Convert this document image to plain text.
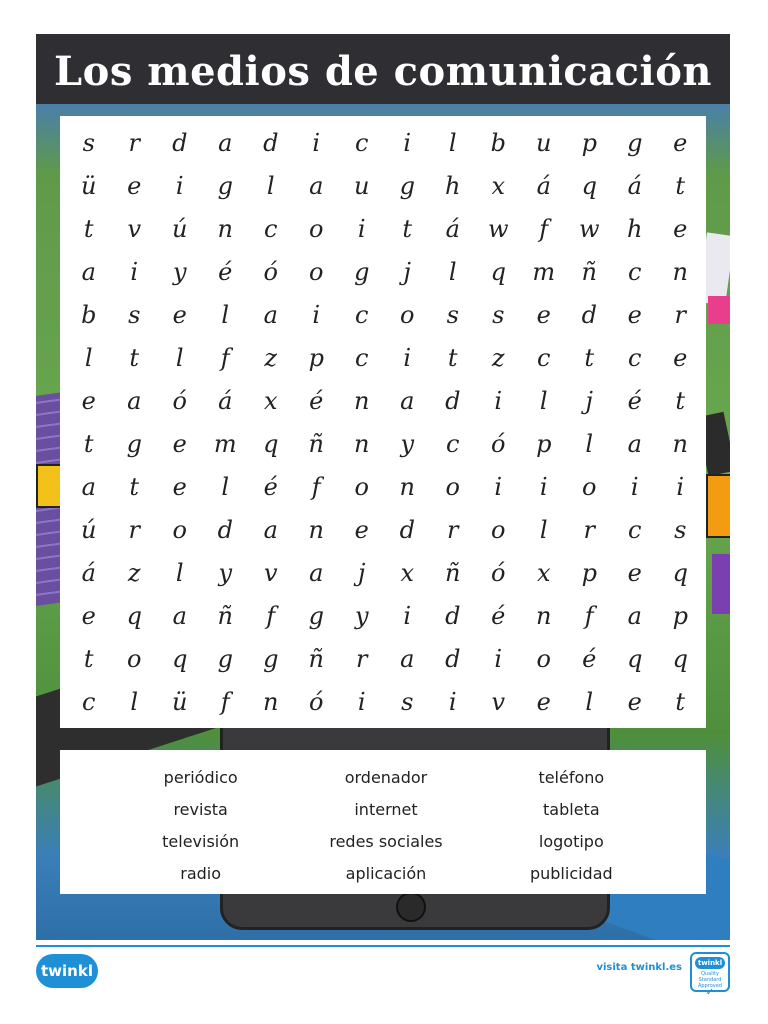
Los medios de comunicación
s	r	d	a	d	i	c	i	l	b	u	p	g	e
ü	e	i	g	l	a	u	g	h	x	á	q	á	t
t	v	ú	n	c	o	i	t	á	w	f	w	h	e
a	i	y	é	ó	o	g	j	l	q	m	ñ	c	n
b	s	e	l	a	i	c	o	s	s	e	d	e	r
l	t	l	f	z	p	c	i	t	z	c	t	c	e
e	a	ó	á	x	é	n	a	d	i	l	j	é	t
t	g	e	m	q	ñ	n	y	c	ó	p	l	a	n
a	t	e	l	é	f	o	n	o	i	i	o	i	i
ú	r	o	d	a	n	e	d	r	o	l	r	c	s
á	z	l	y	v	a	j	x	ñ	ó	x	p	e	q
e	q	a	ñ	f	g	y	i	d	é	n	f	a	p
t	o	q	g	g	ñ	r	a	d	i	o	é	q	q
c	l	ü	f	n	ó	i	s	i	v	e	l	e	t
periódico	ordenador	teléfono
revista	internet	tableta
televisión	redes sociales	logotipo
radio	aplicación	publicidad
twinkl	visita twinkl.es	twinkl
Quality Standard Approved
✓
